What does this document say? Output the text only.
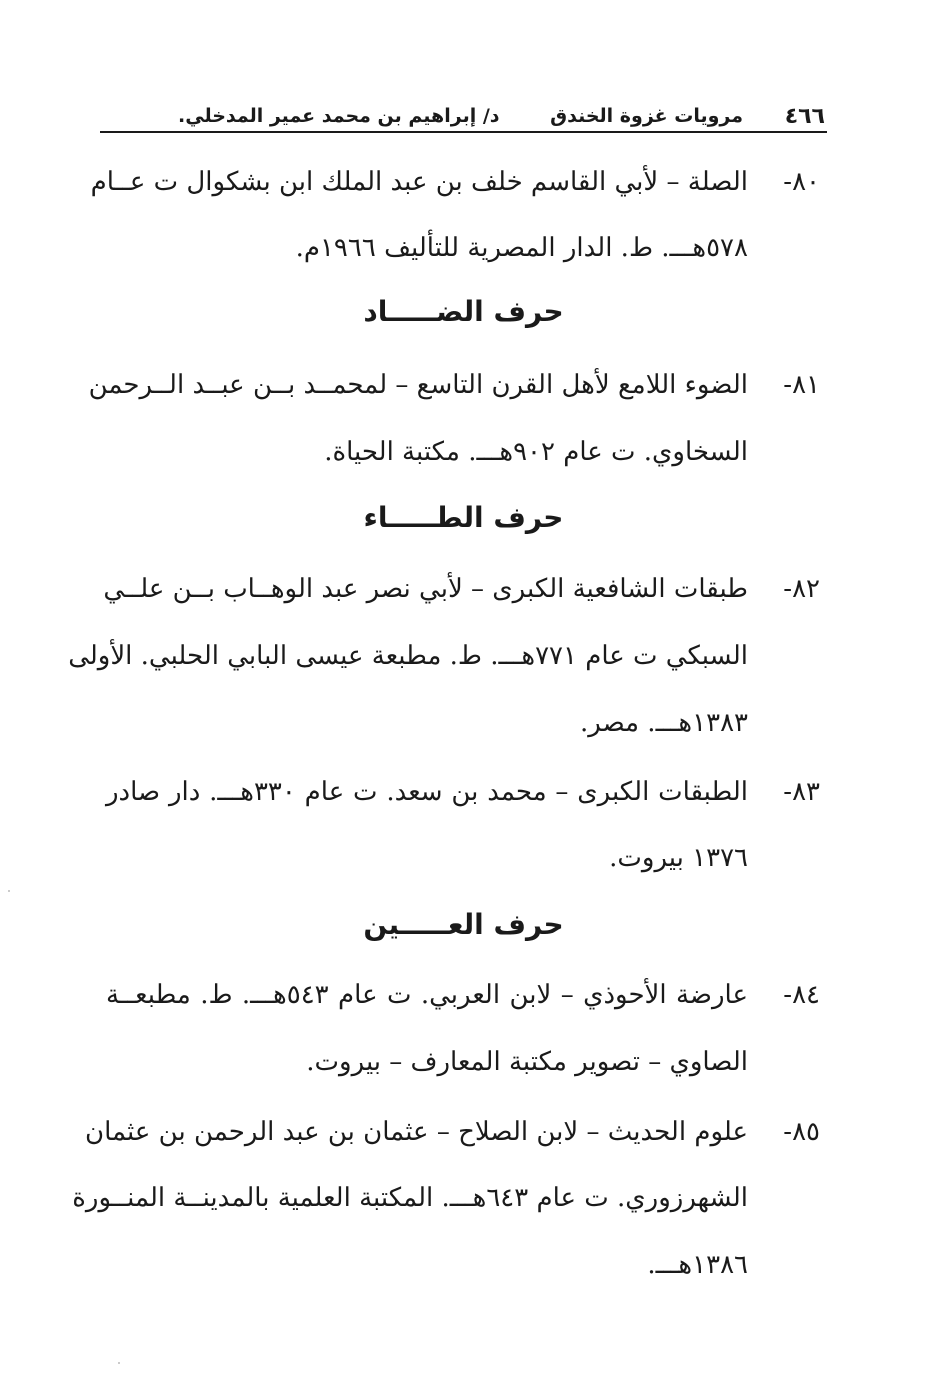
٤٦٦
مرويات غزوة الخندق
د/ إبراهيم بن محمد عمير المدخلي.
٨٠-
الصلة – لأبي القاسم خلف بن عبد الملك ابن بشكوال ت عــام
٥٧٨هـــ. ط. الدار المصرية للتأليف ١٩٦٦م.
حرف الضـــــاد
٨١-
الضوء اللامع لأهل القرن التاسع – لمحمــد بــن عبــد الــرحمن
السخاوي. ت عام ٩٠٢هـــ. مكتبة الحياة.
حرف الطـــــاء
٨٢-
طبقات الشافعية الكبرى – لأبي نصر عبد الوهــاب بــن علــي
السبكي ت عام ٧٧١هـــ. ط. مطبعة عيسى البابي الحلبي. الأولى
١٣٨٣هـــ. مصر.
٨٣-
الطبقات الكبرى – محمد بن سعد. ت عام ٣٣٠هـــ. دار صادر
١٣٧٦ بيروت.
حرف العـــــين
٨٤-
عارضة الأحوذي – لابن العربي. ت عام ٥٤٣هـــ. ط. مطبعــة
الصاوي – تصوير مكتبة المعارف – بيروت.
٨٥-
علوم الحديث – لابن الصلاح – عثمان بن عبد الرحمن بن عثمان
الشهرزوري. ت عام ٦٤٣هـــ. المكتبة العلمية بالمدينــة المنــورة
١٣٨٦هـــ.
